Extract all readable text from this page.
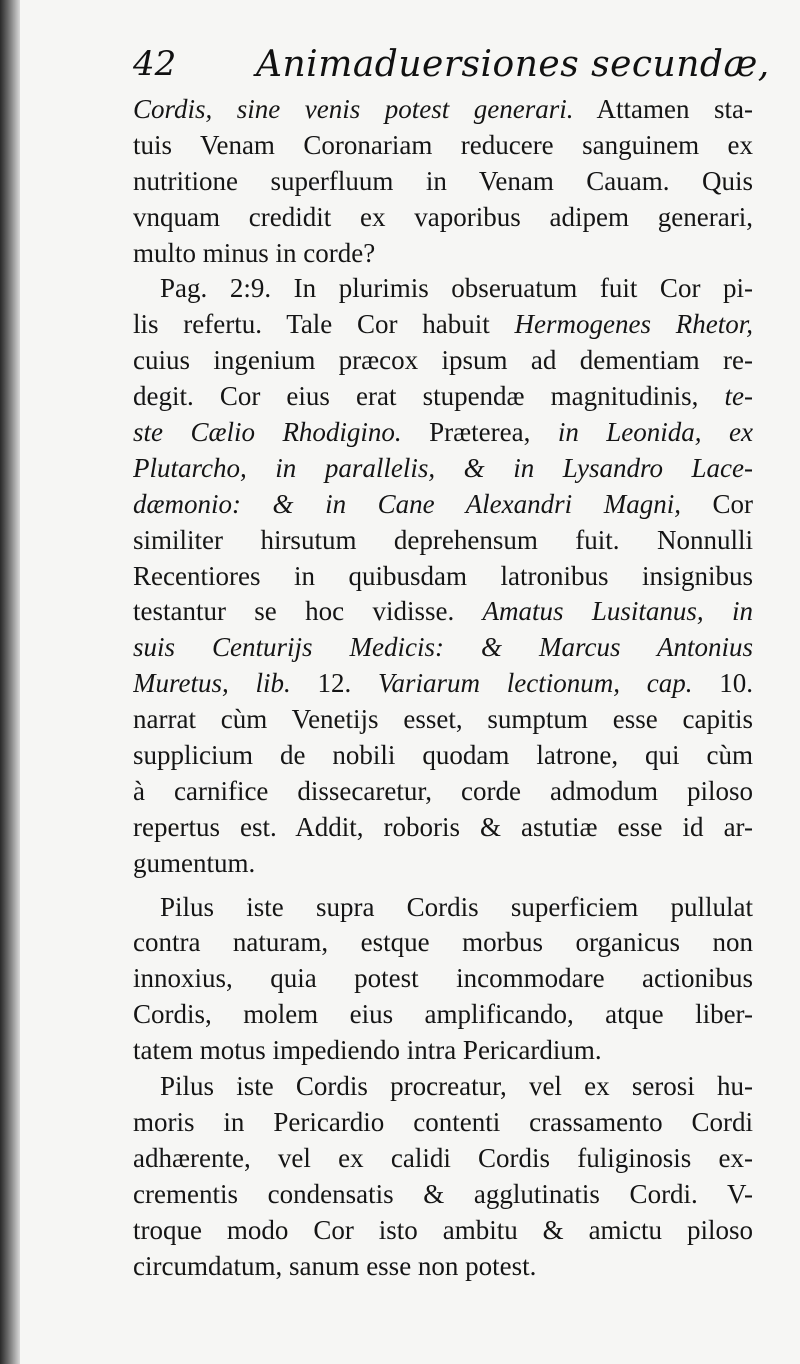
42 Animaduersiones secundæ,
Cordis, sine venis potest generari. Attamen sta-
tuis Venam Coronariam reducere sanguinem ex
nutritione superfluum in Venam Cauam. Quis
vnquam credidit ex vaporibus adipem generari,
multo minus in corde?
Pag. 2:9. In plurimis obseruatum fuit Cor pi-
lis refertu. Tale Cor habuit Hermogenes Rhetor,
cuius ingenium præcox ipsum ad dementiam re-
degit. Cor eius erat stupendæ magnitudinis, te-
ste Cælio Rhodigino. Præterea, in Leonida, ex
Plutarcho, in parallelis, & in Lysandro Lace-
dæmonio: & in Cane Alexandri Magni, Cor
similiter hirsutum deprehensum fuit. Nonnulli
Recentiores in quibusdam latronibus insignibus
testantur se hoc vidisse. Amatus Lusitanus, in
suis Centurijs Medicis: & Marcus Antonius
Muretus, lib. 12. Variarum lectionum, cap. 10.
narrat cùm Venetijs esset, sumptum esse capitis
supplicium de nobili quodam latrone, qui cùm
à carnifice dissecaretur, corde admodum piloso
repertus est. Addit, roboris & astutiæ esse id ar-
gumentum.
Pilus iste supra Cordis superficiem pullulat
contra naturam, estque morbus organicus non
innoxius, quia potest incommodare actionibus
Cordis, molem eius amplificando, atque liber-
tatem motus impediendo intra Pericardium.
Pilus iste Cordis procreatur, vel ex serosi hu-
moris in Pericardio contenti crassamento Cordi
adhærente, vel ex calidi Cordis fuliginosis ex-
crementis condensatis & agglutinatis Cordi. V-
troque modo Cor isto ambitu & amictu piloso
circumdatum, sanum esse non potest.
